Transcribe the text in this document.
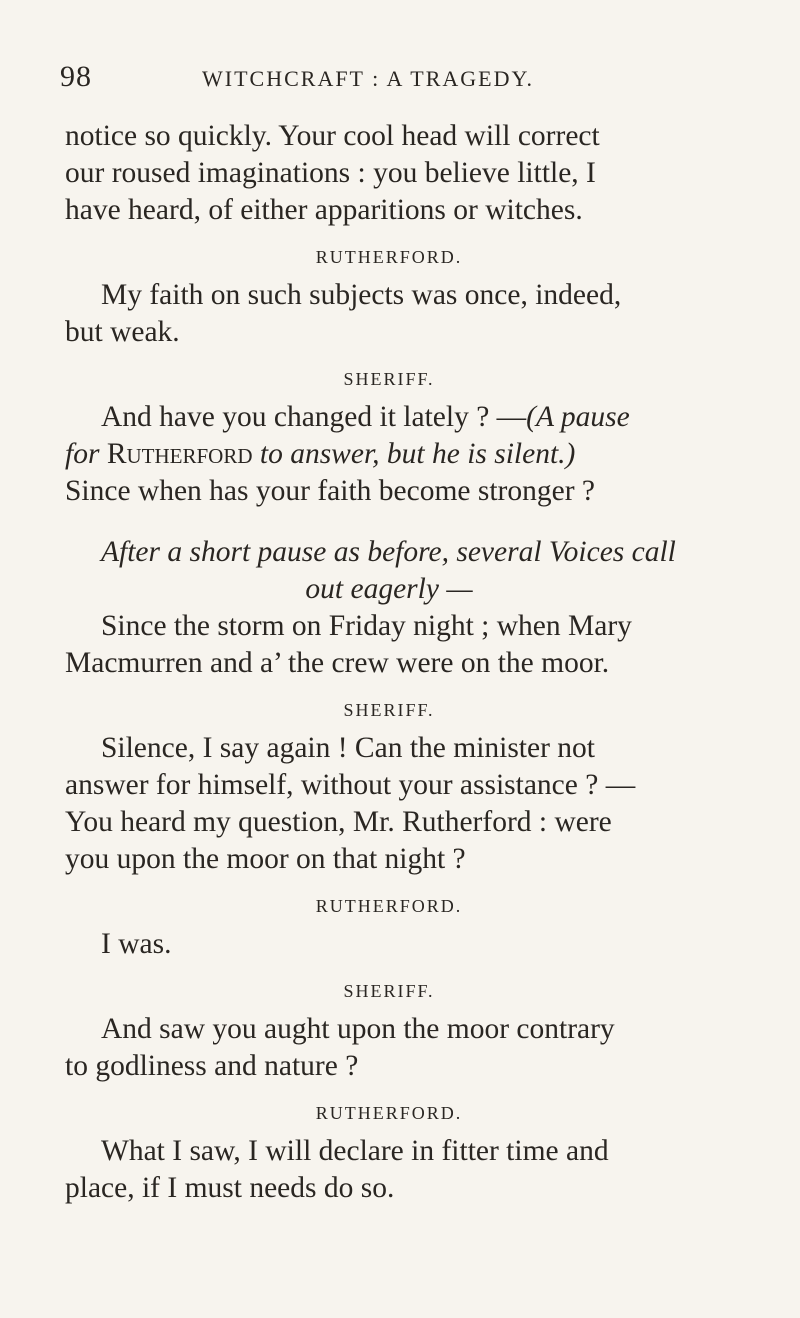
98	WITCHCRAFT : A TRAGEDY.
notice so quickly. Your cool head will correct
our roused imaginations : you believe little, I
have heard, of either apparitions or witches.
RUTHERFORD.
My faith on such subjects was once, indeed,
but weak.
SHERIFF.
And have you changed it lately ? —(A pause
for Rutherford to answer, but he is silent.)
Since when has your faith become stronger ?
After a short pause as before, several Voices call
out eagerly —
Since the storm on Friday night ; when Mary
Macmurren and a’ the crew were on the moor.
SHERIFF.
Silence, I say again ! Can the minister not
answer for himself, without your assistance ? —
You heard my question, Mr. Rutherford : were
you upon the moor on that night ?
RUTHERFORD.
I was.
SHERIFF.
And saw you aught upon the moor contrary
to godliness and nature ?
RUTHERFORD.
What I saw, I will declare in fitter time and
place, if I must needs do so.
